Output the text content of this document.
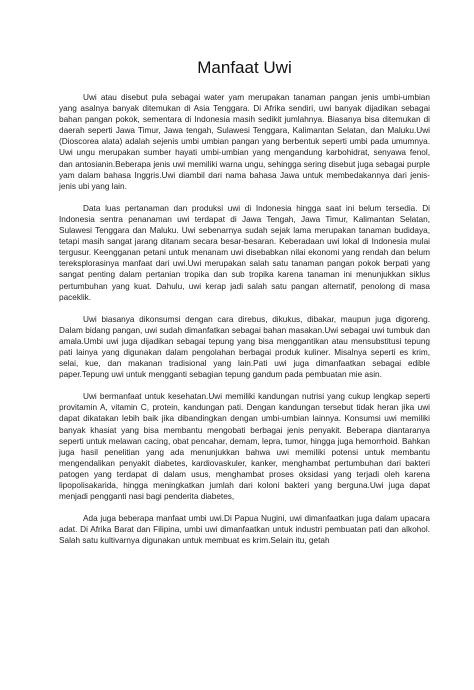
Manfaat Uwi

Uwi atau disebut pula sebagai water yam merupakan tanaman pangan jenis umbi-umbian yang asalnya banyak ditemukan di Asia Tenggara. Di Afrika sendiri, uwi banyak dijadikan sebagai bahan pangan pokok, sementara di Indonesia masih sedikit jumlahnya. Biasanya bisa ditemukan di daerah seperti Jawa Timur, Jawa tengah, Sulawesi Tenggara, Kalimantan Selatan, dan Maluku.Uwi (Dioscorea alata) adalah sejenis umbi umbian pangan yang berbentuk seperti umbi pada umumnya. Uwi ungu merupakan sumber hayati umbi-umbian yang mengandung karbohidrat, senyawa fenol, dan antosianin.Beberapa jenis uwi memiliki warna ungu, sehingga sering disebut juga sebagai purple yam dalam bahasa Inggris.Uwi diambil dari nama bahasa Jawa untuk membedakannya dari jenis-jenis ubi yang lain.

Data luas pertanaman dan produksi uwi di Indonesia hingga saat ini belum tersedia. Di Indonesia sentra penanaman uwi terdapat di Jawa Tengah, Jawa Timur, Kalimantan Selatan, Sulawesi Tenggara dan Maluku. Uwi sebenarnya sudah sejak lama merupakan tanaman budidaya, tetapi masih sangat jarang ditanam secara besar-besaran. Keberadaan uwi lokal di Indonesia mulai tergusur. Keengganan petani untuk menanam uwi disebabkan nilai ekonomi yang rendah dan belum tereksplorasinya manfaat dari uwi.Uwi merupakan salah satu tanaman pangan pokok berpati yang sangat penting dalam pertanian tropika dan sub tropika karena tanaman ini menunjukkan siklus pertumbuhan yang kuat. Dahulu, uwi kerap jadi salah satu pangan alternatif, penolong di masa paceklik.

Uwi biasanya dikonsumsi dengan cara direbus, dikukus, dibakar, maupun juga digoreng. Dalam bidang pangan, uwi sudah dimanfatkan sebagai bahan masakan.Uwi sebagai uwi tumbuk dan amala.Umbi uwi juga dijadikan sebagai tepung yang bisa menggantikan atau mensubstitusi tepung pati lainya yang digunakan dalam pengolahan berbagai produk kuliner. Misalnya seperti es krim, selai, kue, dan makanan tradisional yang lain.Pati uwi juga dimanfaatkan sebagai edible paper.Tepung uwi untuk mengganti sebagian tepung gandum pada pembuatan mie asin.

Uwi bermanfaat untuk kesehatan.Uwi memiliki kandungan nutrisi yang cukup lengkap seperti provitamin A, vitamin C, protein, kandungan pati. Dengan kandungan tersebut tidak heran jika uwi dapat dikatakan lebih baik jika dibandingkan dengan umbi-umbian lainnya. Konsumsi uwi memiliki banyak khasiat yang bisa membantu mengobati berbagai jenis penyakit. Beberapa diantaranya seperti untuk melawan cacing, obat pencahar, demam, lepra, tumor, hingga juga hemorrhoid. Bahkan juga hasil penelitian yang ada menunjukkan bahwa uwi memiliki potensi untuk membantu mengendalikan penyakit diabetes, kardiovaskuler, kanker, menghambat pertumbuhan dari bakteri patogen yang terdapat di dalam usus, menghambat proses oksidasi yang terjadi oleh karena lipopolisakarida, hingga meningkatkan jumlah dari koloni bakteri yang berguna.Uwi juga dapat menjadi pengganti nasi bagi penderita diabetes,

Ada juga beberapa manfaat umbi uwi.Di Papua Nugini, uwi dimanfaatkan juga dalam upacara adat. Di Afrika Barat dan Filipina, umbi uwi dimanfaatkan untuk industri pembuatan pati dan alkohol. Salah satu kultivarnya digunakan untuk membuat es krim.Selain itu, getah
